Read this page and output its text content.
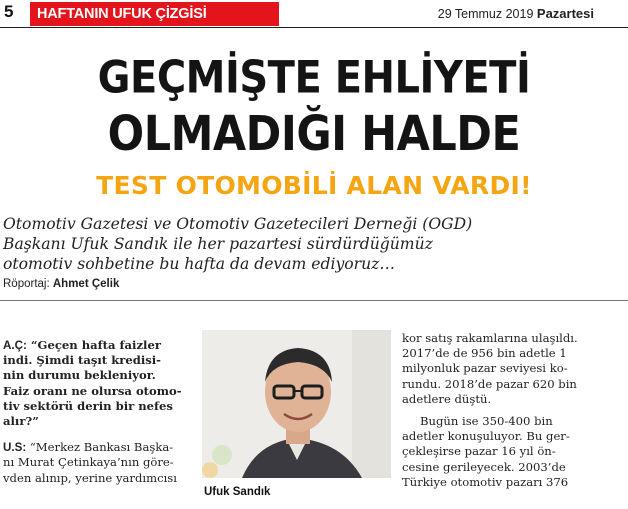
5	HAFTANIN UFUK ÇİZGİSİ	29 Temmuz 2019 Pazartesi
GEÇMİŞTE EHLİYETİ
OLMADIĞI HALDE
TEST OTOMOBİLİ ALAN VARDI!
Otomotiv Gazetesi ve Otomotiv Gazetecileri Derneği (OGD)
Başkanı Ufuk Sandık ile her pazartesi sürdürdüğümüz
otomotiv sohbetine bu hafta da devam ediyoruz…
Röportaj: Ahmet Çelik
A.Ç: “Geçen hafta faizler
indi. Şimdi taşıt kredisi-
nin durumu bekleniyor.
Faiz oranı ne olursa otomo-
tiv sektörü derin bir nefes
alır?”
U.S: “Merkez Bankası Başka-
nı Murat Çetinkaya’nın göre-
vden alınıp, yerine yardımcısı
Ufuk Sandık
kor satış rakamlarına ulaşıldı.
2017’de de 956 bin adetle 1
milyonluk pazar seviyesi ko-
rundu. 2018’de pazar 620 bin
adetlere düştü.
Bugün ise 350-400 bin
adetler konuşuluyor. Bu ger-
çekleşirse pazar 16 yıl ön-
cesine gerileyecek. 2003’de
Türkiye otomotiv pazarı 376
